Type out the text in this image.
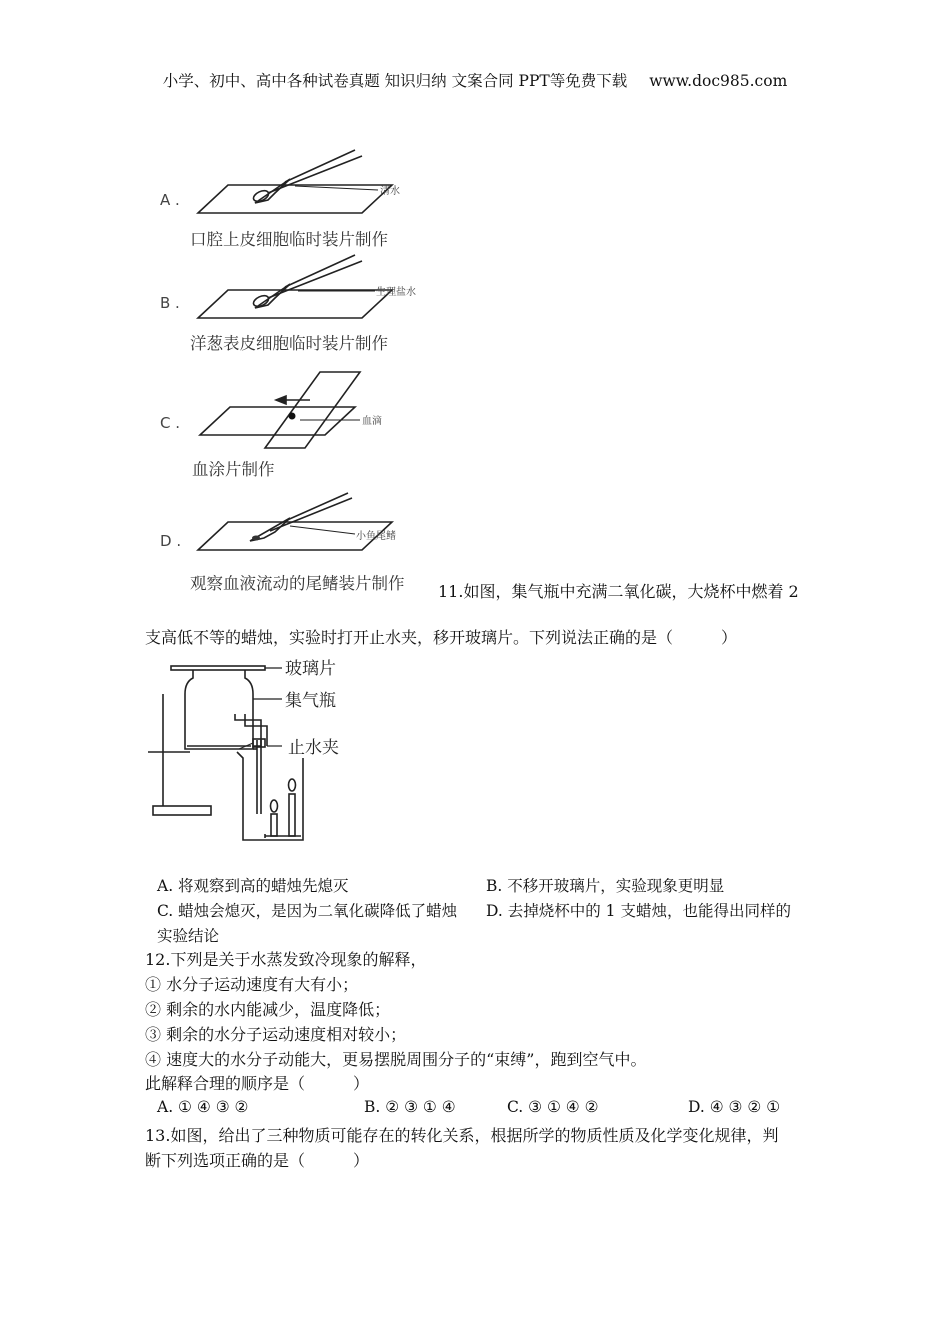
小学、初中、高中各种试卷真题 知识归纳 文案合同 PPT等免费下载 www.doc985.com
A .	清水
B .
生理盐水
C .	血滴
D .	小鱼尾鳍
口腔上皮细胞临时装片制作
洋葱表皮细胞临时装片制作
血涂片制作
观察血液流动的尾鳍装片制作 11.如图，集气瓶中充满二氧化碳，大烧杯中燃着 2
支高低不等的蜡烛，实验时打开止水夹，移开玻璃片。下列说法正确的是（　　　）
玻璃片
集气瓶
止水夹
A. 将观察到高的蜡烛先熄灭	B. 不移开玻璃片，实验现象更明显
C. 蜡烛会熄灭，是因为二氧化碳降低了蜡烛 D. 去掉烧杯中的 1 支蜡烛，也能得出同样的
实验结论
12.下列是关于水蒸发致冷现象的解释，
① 水分子运动速度有大有小；
② 剩余的水内能减少，温度降低；
③ 剩余的水分子运动速度相对较小；
④ 速度大的水分子动能大，更易摆脱周围分子的“束缚”，跑到空气中。
此解释合理的顺序是（　　　）
A. ① ④ ③ ②	B. ② ③ ① ④	C. ③ ① ④ ②	D. ④ ③ ② ①
13.如图，给出了三种物质可能存在的转化关系，根据所学的物质性质及化学变化规律，判
断下列选项正确的是（　　　）
